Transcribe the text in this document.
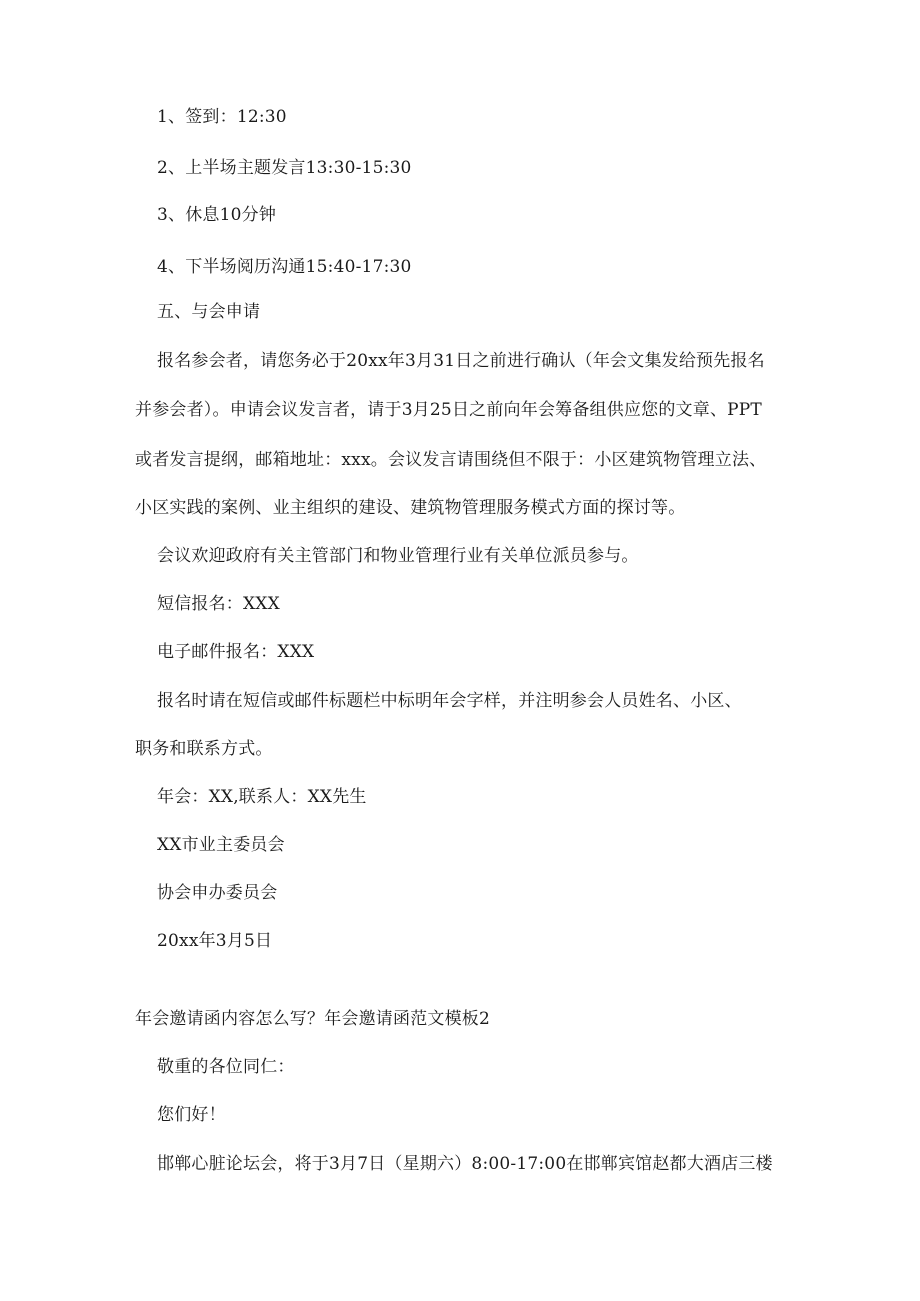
1、签到：12:30
2、上半场主题发言13:30-15:30
3、休息10分钟
4、下半场阅历沟通15:40-17:30
五、与会申请
报名参会者，请您务必于20xx年3月31日之前进行确认（年会文集发给预先报名
并参会者）。申请会议发言者，请于3月25日之前向年会筹备组供应您的文章、PPT
或者发言提纲，邮箱地址：xxx。会议发言请围绕但不限于：小区建筑物管理立法、
小区实践的案例、业主组织的建设、建筑物管理服务模式方面的探讨等。
会议欢迎政府有关主管部门和物业管理行业有关单位派员参与。
短信报名：XXX
电子邮件报名：XXX
报名时请在短信或邮件标题栏中标明年会字样，并注明参会人员姓名、小区、
职务和联系方式。
年会：XX,联系人：XX先生
XX市业主委员会
协会申办委员会
20xx年3月5日
年会邀请函内容怎么写？年会邀请函范文模板2
敬重的各位同仁：
您们好！
邯郸心脏论坛会，将于3月7日（星期六）8:00-17:00在邯郸宾馆赵都大酒店三楼
